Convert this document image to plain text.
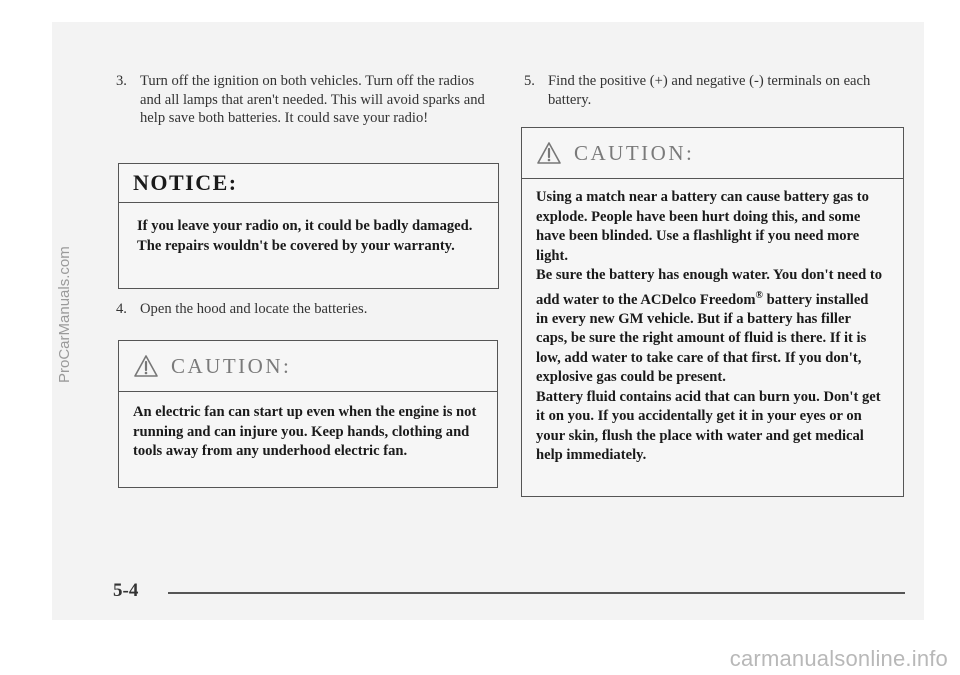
ProCarManuals.com
3. Turn off the ignition on both vehicles. Turn off the radios and all lamps that aren't needed. This will avoid sparks and help save both batteries. It could save your radio!
NOTICE:

If you leave your radio on, it could be badly damaged. The repairs wouldn't be covered by your warranty.

4. Open the hood and locate the batteries.
CAUTION:

An electric fan can start up even when the engine is not running and can injure you. Keep hands, clothing and tools away from any underhood electric fan.

5. Find the positive (+) and negative (-) terminals on each battery.
CAUTION:

Using a match near a battery can cause battery gas to explode. People have been hurt doing this, and some have been blinded. Use a flashlight if you need more light.

Be sure the battery has enough water. You don't need to add water to the ACDelco Freedom® battery installed in every new GM vehicle. But if a battery has filler caps, be sure the right amount of fluid is there. If it is low, add water to take care of that first. If you don't, explosive gas could be present.

Battery fluid contains acid that can burn you. Don't get it on you. If you accidentally get it in your eyes or on your skin, flush the place with water and get medical help immediately.

5-4
carmanualsonline.info
